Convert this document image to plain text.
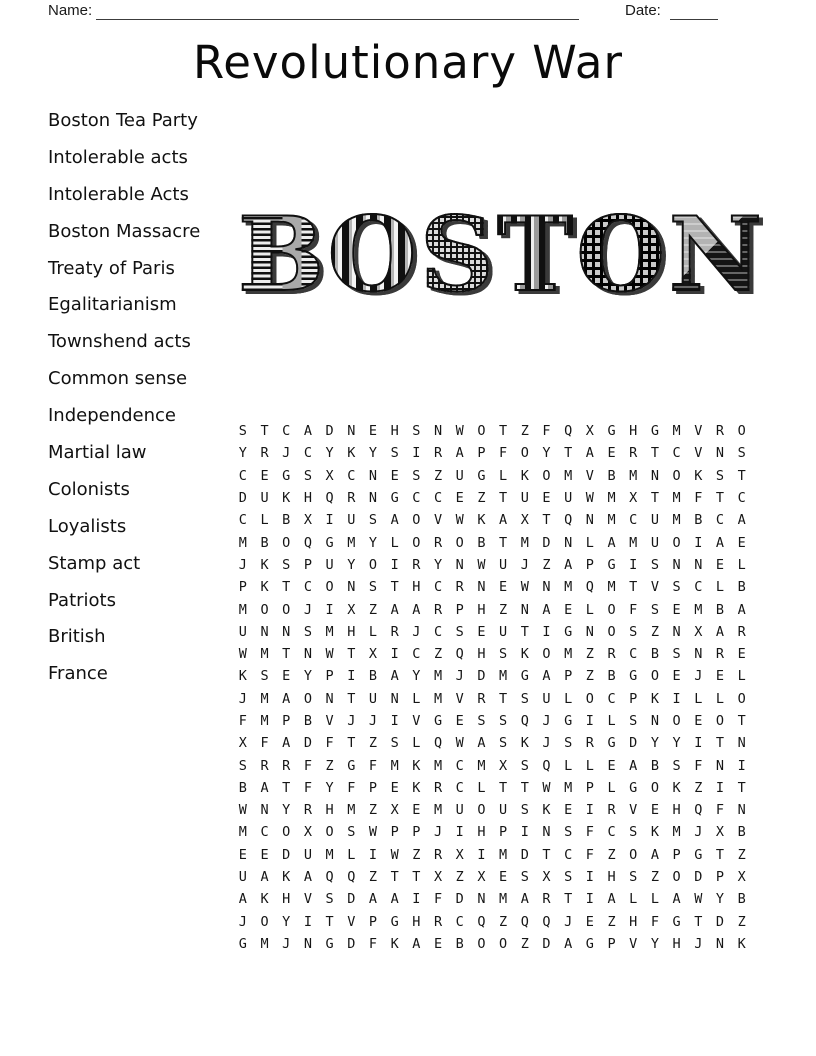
Name:	Date:
Revolutionary War
Boston Tea Party
Intolerable acts
Intolerable Acts
Boston Massacre
Treaty of Paris
Egalitarianism
Townshend acts
Common sense
Independence
Martial law
Colonists
Loyalists
Stamp act
Patriots
British
France
B O S T O N
S	T	C	A	D	N	E	H	S	N	W	O	T	Z	F	Q	X	G	H	G	M	V	R	O
Y	R	J	C	Y	K	Y	S	I	R	A	P	F	O	Y	T	A	E	R	T	C	V	N	S
C	E	G	S	X	C	N	E	S	Z	U	G	L	K	O	M	V	B	M	N	O	K	S	T
D	U	K	H	Q	R	N	G	C	C	E	Z	T	U	E	U	W	M	X	T	M	F	T	C
C	L	B	X	I	U	S	A	O	V	W	K	A	X	T	Q	N	M	C	U	M	B	C	A
M	B	O	Q	G	M	Y	L	O	R	O	B	T	M	D	N	L	A	M	U	O	I	A	E
J	K	S	P	U	Y	O	I	R	Y	N	W	U	J	Z	A	P	G	I	S	N	N	E	L
P	K	T	C	O	N	S	T	H	C	R	N	E	W	N	M	Q	M	T	V	S	C	L	B
M	O	O	J	I	X	Z	A	A	R	P	H	Z	N	A	E	L	O	F	S	E	M	B	A
U	N	N	S	M	H	L	R	J	C	S	E	U	T	I	G	N	O	S	Z	N	X	A	R
W	M	T	N	W	T	X	I	C	Z	Q	H	S	K	O	M	Z	R	C	B	S	N	R	E
K	S	E	Y	P	I	B	A	Y	M	J	D	M	G	A	P	Z	B	G	O	E	J	E	L
J	M	A	O	N	T	U	N	L	M	V	R	T	S	U	L	O	C	P	K	I	L	L	O
F	M	P	B	V	J	J	I	V	G	E	S	S	Q	J	G	I	L	S	N	O	E	O	T
X	F	A	D	F	T	Z	S	L	Q	W	A	S	K	J	S	R	G	D	Y	Y	I	T	N
S	R	R	F	Z	G	F	M	K	M	C	M	X	S	Q	L	L	E	A	B	S	F	N	I
B	A	T	F	Y	F	P	E	K	R	C	L	T	T	W	M	P	L	G	O	K	Z	I	T
W	N	Y	R	H	M	Z	X	E	M	U	O	U	S	K	E	I	R	V	E	H	Q	F	N
M	C	O	X	O	S	W	P	P	J	I	H	P	I	N	S	F	C	S	K	M	J	X	B
E	E	D	U	M	L	I	W	Z	R	X	I	M	D	T	C	F	Z	O	A	P	G	T	Z
U	A	K	A	Q	Q	Z	T	T	X	Z	X	E	S	X	S	I	H	S	Z	O	D	P	X
A	K	H	V	S	D	A	A	I	F	D	N	M	A	R	T	I	A	L	L	A	W	Y	B
J	O	Y	I	T	V	P	G	H	R	C	Q	Z	Q	Q	J	E	Z	H	F	G	T	D	Z
G	M	J	N	G	D	F	K	A	E	B	O	O	Z	D	A	G	P	V	Y	H	J	N	K
